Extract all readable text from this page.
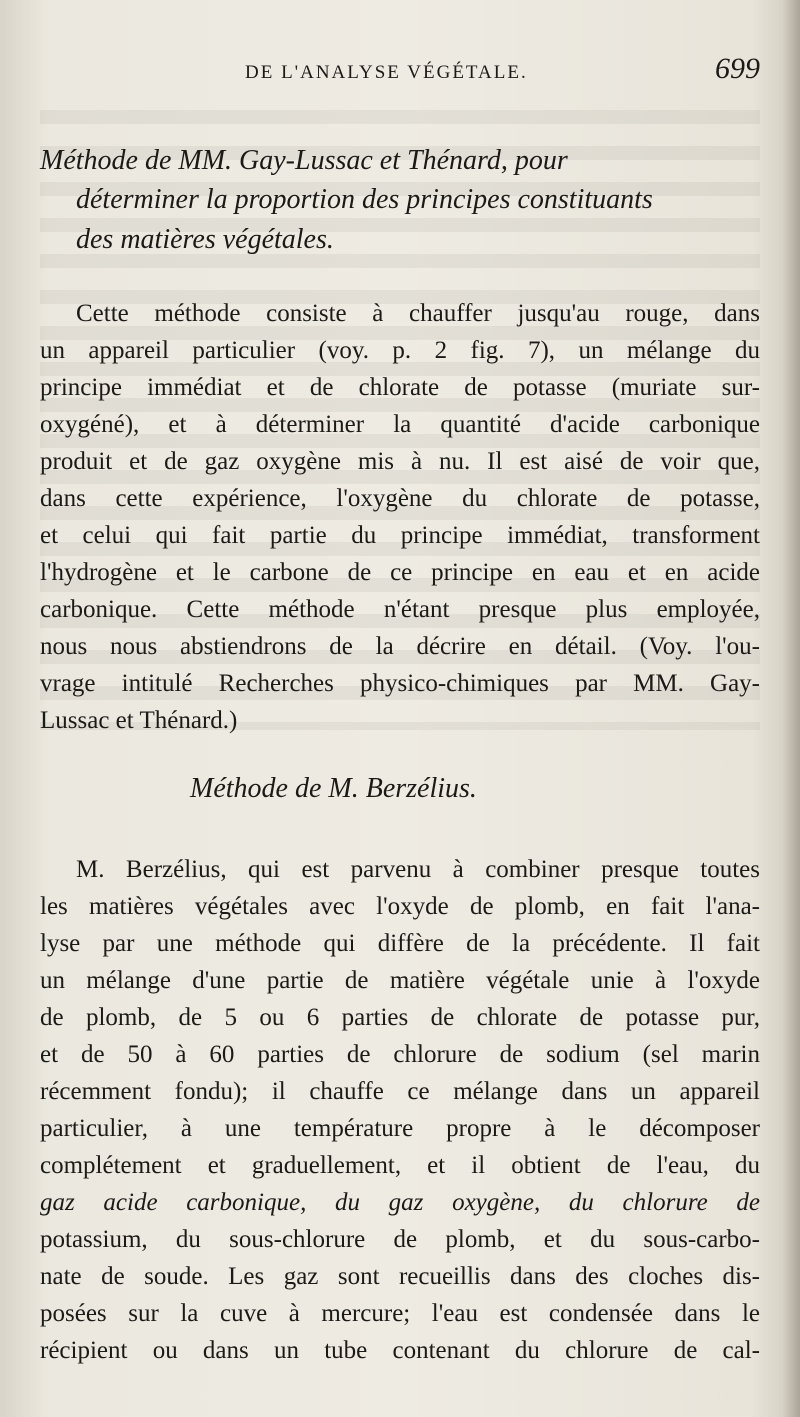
DE L'ANALYSE VÉGÉTALE.	699
Méthode de MM. Gay-Lussac et Thénard, pour
déterminer la proportion des principes constituants
des matières végétales.
Cette méthode consiste à chauffer jusqu'au rouge, dans
un appareil particulier (voy. p. 2 fig. 7), un mélange du
principe immédiat et de chlorate de potasse (muriate sur-
oxygéné), et à déterminer la quantité d'acide carbonique
produit et de gaz oxygène mis à nu. Il est aisé de voir que,
dans cette expérience, l'oxygène du chlorate de potasse,
et celui qui fait partie du principe immédiat, transforment
l'hydrogène et le carbone de ce principe en eau et en acide
carbonique. Cette méthode n'étant presque plus employée,
nous nous abstiendrons de la décrire en détail. (Voy. l'ou-
vrage intitulé Recherches physico-chimiques par MM. Gay-
Lussac et Thénard.)
Méthode de M. Berzélius.
M. Berzélius, qui est parvenu à combiner presque toutes
les matières végétales avec l'oxyde de plomb, en fait l'ana-
lyse par une méthode qui diffère de la précédente. Il fait
un mélange d'une partie de matière végétale unie à l'oxyde
de plomb, de 5 ou 6 parties de chlorate de potasse pur,
et de 50 à 60 parties de chlorure de sodium (sel marin
récemment fondu); il chauffe ce mélange dans un appareil
particulier, à une température propre à le décomposer
complétement et graduellement, et il obtient de l'eau, du
gaz acide carbonique, du gaz oxygène, du chlorure de
potassium, du sous-chlorure de plomb, et du sous-carbo-
nate de soude. Les gaz sont recueillis dans des cloches dis-
posées sur la cuve à mercure; l'eau est condensée dans le
récipient ou dans un tube contenant du chlorure de cal-
